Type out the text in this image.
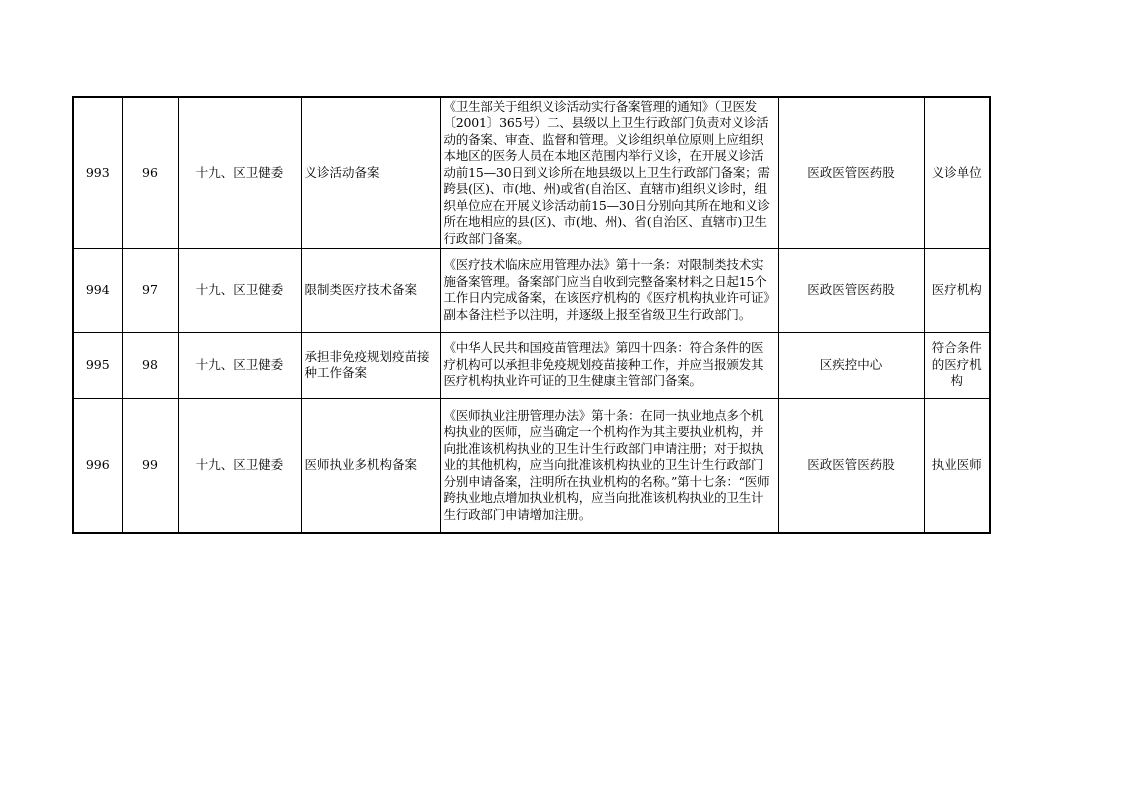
993	96	十九、区卫健委	义诊活动备案	《卫生部关于组织义诊活动实行备案管理的通知》（卫医发〔2001〕365号）二、县级以上卫生行政部门负责对义诊活动的备案、审查、监督和管理。义诊组织单位原则上应组织本地区的医务人员在本地区范围内举行义诊，在开展义诊活动前15—30日到义诊所在地县级以上卫生行政部门备案；需跨县(区)、市(地、州)或省(自治区、直辖市)组织义诊时，组织单位应在开展义诊活动前15—30日分别向其所在地和义诊所在地相应的县(区)、市(地、州)、省(自治区、直辖市)卫生行政部门备案。	医政医管医药股	义诊单位
994	97	十九、区卫健委	限制类医疗技术备案	《医疗技术临床应用管理办法》第十一条：对限制类技术实施备案管理。备案部门应当自收到完整备案材料之日起15个工作日内完成备案，在该医疗机构的《医疗机构执业许可证》副本备注栏予以注明，并逐级上报至省级卫生行政部门。	医政医管医药股	医疗机构
995	98	十九、区卫健委	承担非免疫规划疫苗接种工作备案	《中华人民共和国疫苗管理法》第四十四条：符合条件的医疗机构可以承担非免疫规划疫苗接种工作，并应当报颁发其医疗机构执业许可证的卫生健康主管部门备案。	区疾控中心	符合条件的医疗机构
996	99	十九、区卫健委	医师执业多机构备案	《医师执业注册管理办法》第十条：在同一执业地点多个机构执业的医师，应当确定一个机构作为其主要执业机构，并向批准该机构执业的卫生计生行政部门申请注册；对于拟执业的其他机构，应当向批准该机构执业的卫生计生行政部门分别申请备案，注明所在执业机构的名称。”第十七条：“医师跨执业地点增加执业机构，应当向批准该机构执业的卫生计生行政部门申请增加注册。	医政医管医药股	执业医师
